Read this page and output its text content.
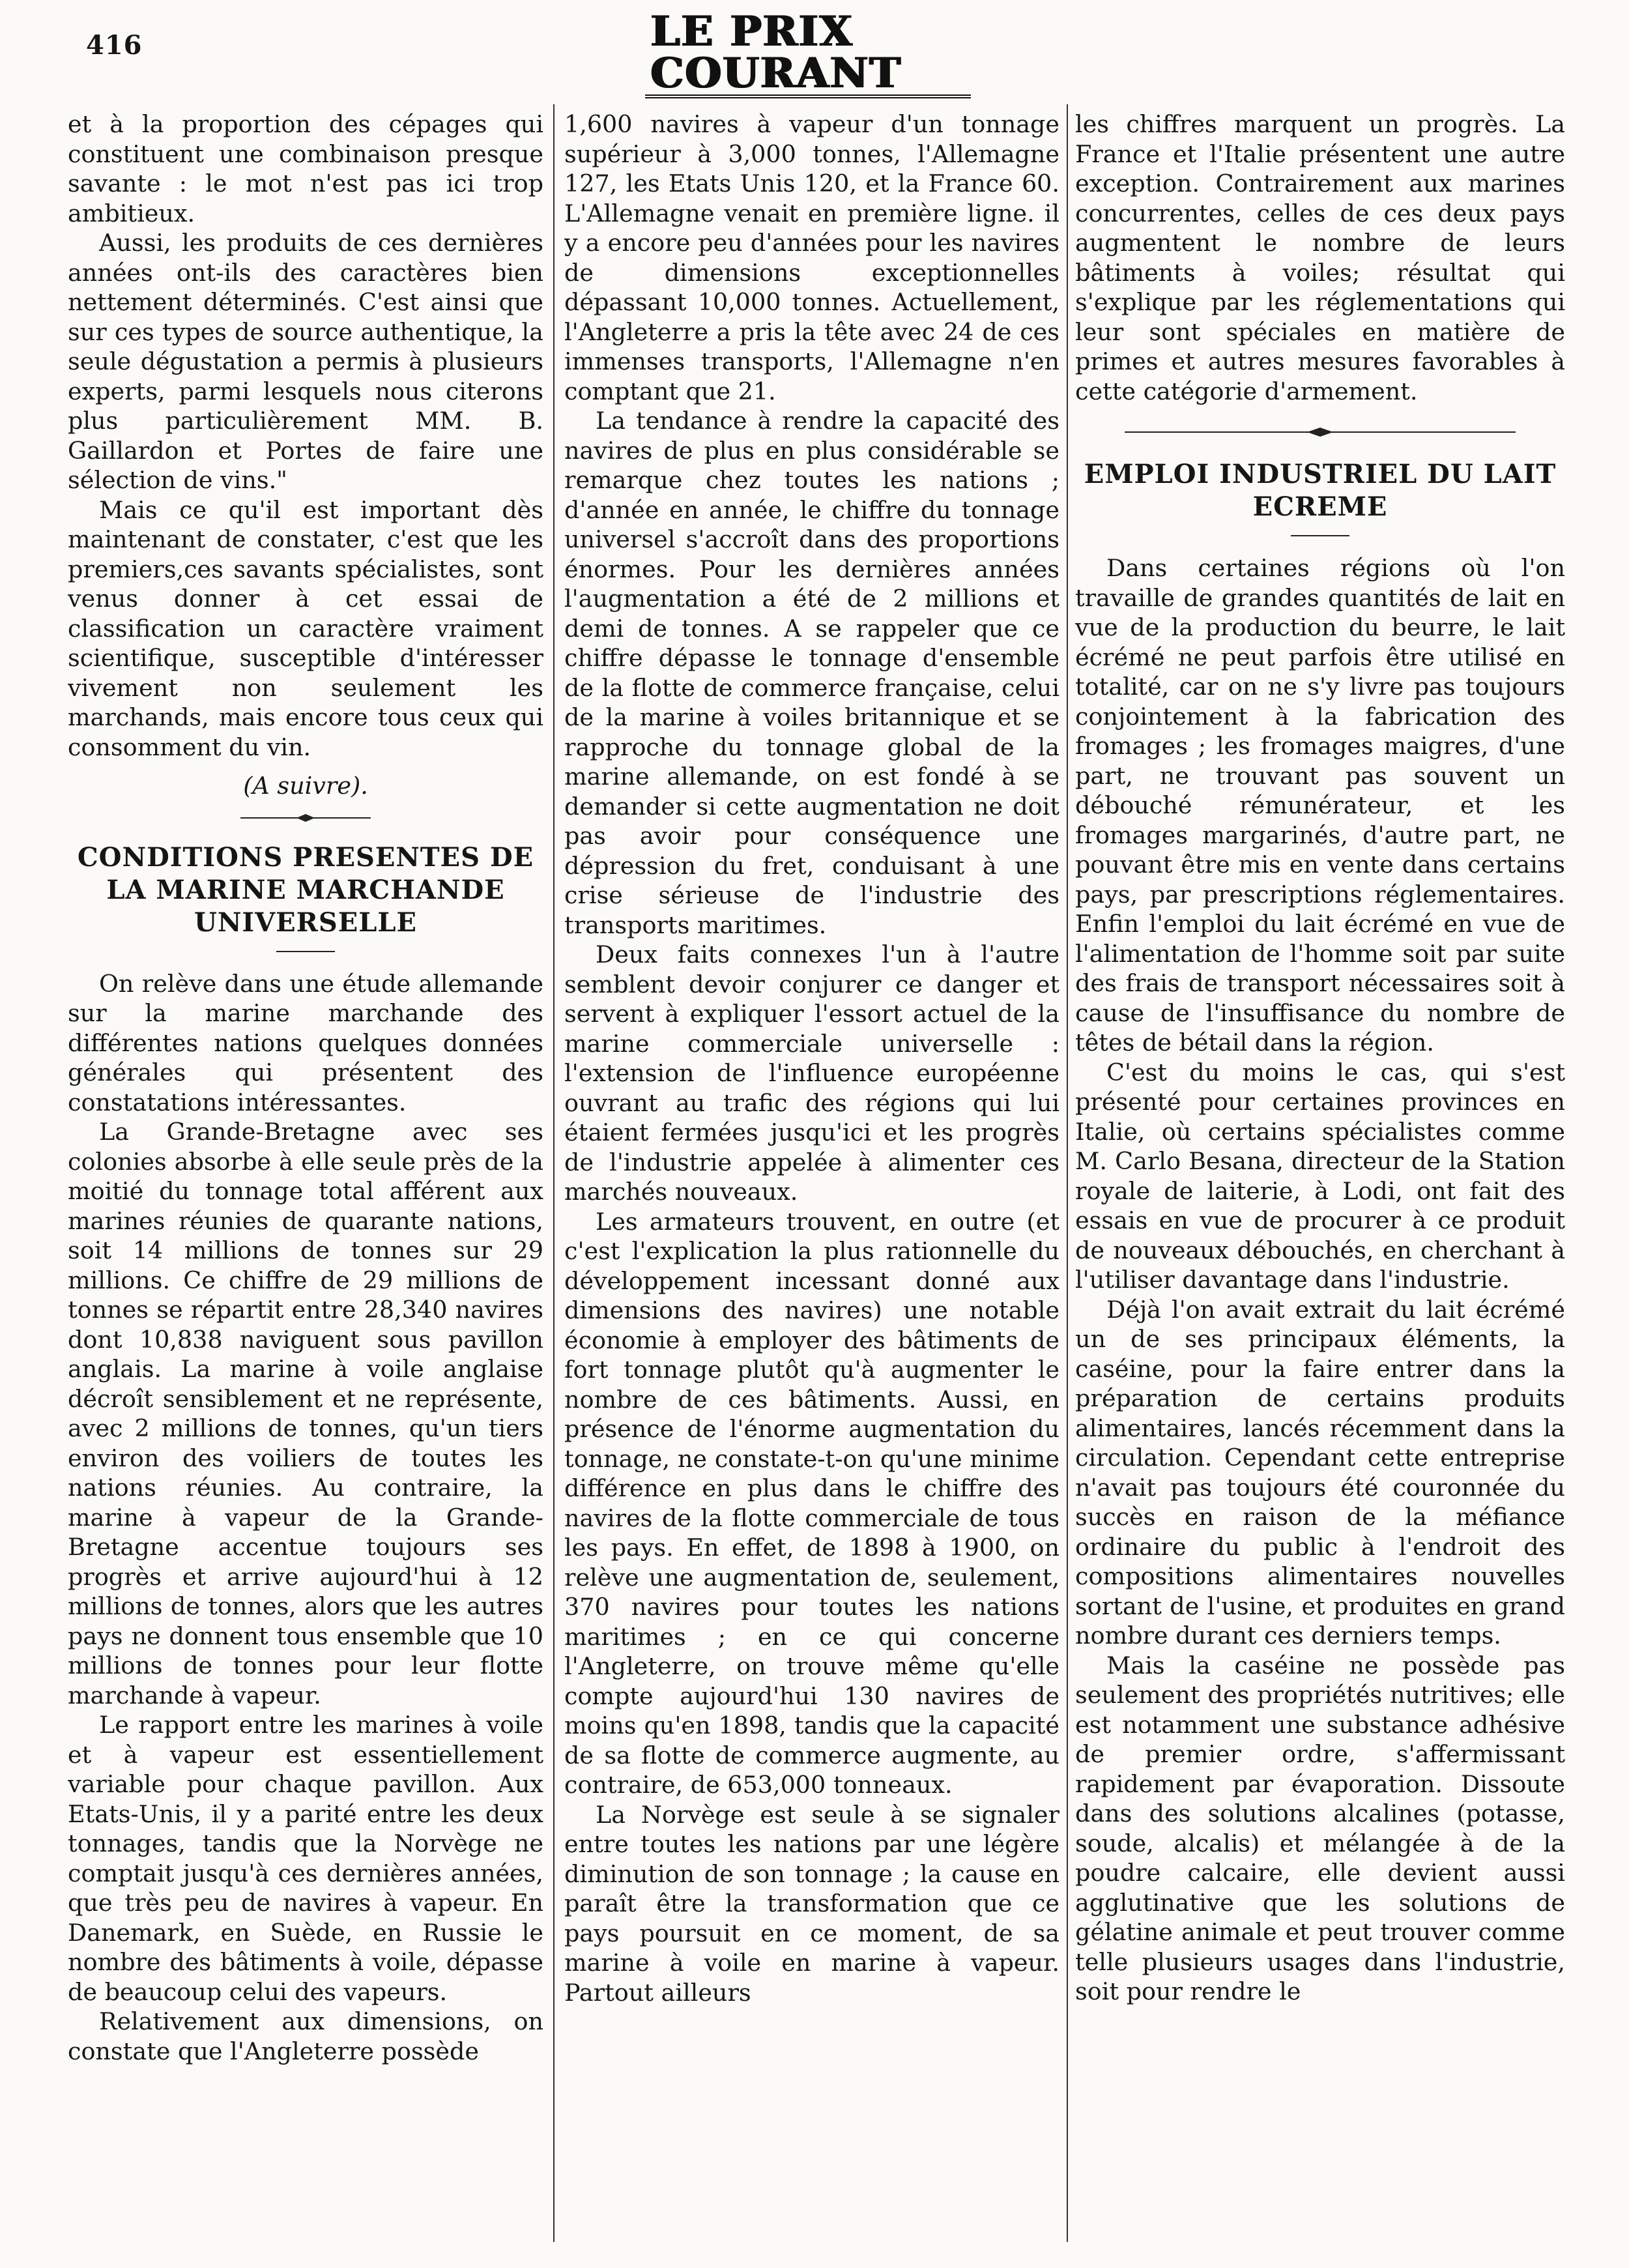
416	LE PRIX COURANT

et à la proportion des cépages qui constituent une combinaison presque savante : le mot n'est pas ici trop ambitieux.

Aussi, les produits de ces dernières années ont-ils des caractères bien nettement déterminés. C'est ainsi que sur ces types de source authentique, la seule dégustation a permis à plusieurs experts, parmi lesquels nous citerons plus particulièrement MM. B. Gaillardon et Portes de faire une sélection de vins."

Mais ce qu'il est important dès maintenant de constater, c'est que les premiers,ces savants spécialistes, sont venus donner à cet essai de classification un caractère vraiment scientifique, susceptible d'intéresser vivement non seulement les marchands, mais encore tous ceux qui consomment du vin.

(A suivre).

CONDITIONS PRESENTES DE LA MARINE MARCHANDE UNIVERSELLE

On relève dans une étude allemande sur la marine marchande des différentes nations quelques données générales qui présentent des constatations intéressantes.

La Grande-Bretagne avec ses colonies absorbe à elle seule près de la moitié du tonnage total afférent aux marines réunies de quarante nations, soit 14 millions de tonnes sur 29 millions. Ce chiffre de 29 millions de tonnes se répartit entre 28,340 navires dont 10,838 naviguent sous pavillon anglais. La marine à voile anglaise décroît sensiblement et ne représente, avec 2 millions de tonnes, qu'un tiers environ des voiliers de toutes les nations réunies. Au contraire, la marine à vapeur de la Grande-Bretagne accentue toujours ses progrès et arrive aujourd'hui à 12 millions de tonnes, alors que les autres pays ne donnent tous ensemble que 10 millions de tonnes pour leur flotte marchande à vapeur.

Le rapport entre les marines à voile et à vapeur est essentiellement variable pour chaque pavillon. Aux Etats-Unis, il y a parité entre les deux tonnages, tandis que la Norvège ne comptait jusqu'à ces dernières années, que très peu de navires à vapeur. En Danemark, en Suède, en Russie le nombre des bâtiments à voile, dépasse de beaucoup celui des vapeurs.

Relativement aux dimensions, on constate que l'Angleterre possède

1,600 navires à vapeur d'un tonnage supérieur à 3,000 tonnes, l'Allemagne 127, les Etats Unis 120, et la France 60. L'Allemagne venait en première ligne. il y a encore peu d'années pour les navires de dimensions exceptionnelles dépassant 10,000 tonnes. Actuellement, l'Angleterre a pris la tête avec 24 de ces immenses transports, l'Allemagne n'en comptant que 21.

La tendance à rendre la capacité des navires de plus en plus considérable se remarque chez toutes les nations ; d'année en année, le chiffre du tonnage universel s'accroît dans des proportions énormes. Pour les dernières années l'augmentation a été de 2 millions et demi de tonnes. A se rappeler que ce chiffre dépasse le tonnage d'ensemble de la flotte de commerce française, celui de la marine à voiles britannique et se rapproche du tonnage global de la marine allemande, on est fondé à se demander si cette augmentation ne doit pas avoir pour conséquence une dépression du fret, conduisant à une crise sérieuse de l'industrie des transports maritimes.

Deux faits connexes l'un à l'autre semblent devoir conjurer ce danger et servent à expliquer l'essort actuel de la marine commerciale universelle : l'extension de l'influence européenne ouvrant au trafic des régions qui lui étaient fermées jusqu'ici et les progrès de l'industrie appelée à alimenter ces marchés nouveaux.

Les armateurs trouvent, en outre (et c'est l'explication la plus rationnelle du développement incessant donné aux dimensions des navires) une notable économie à employer des bâtiments de fort tonnage plutôt qu'à augmenter le nombre de ces bâtiments. Aussi, en présence de l'énorme augmentation du tonnage, ne constate-t-on qu'une minime différence en plus dans le chiffre des navires de la flotte commerciale de tous les pays. En effet, de 1898 à 1900, on relève une augmentation de, seulement, 370 navires pour toutes les nations maritimes ; en ce qui concerne l'Angleterre, on trouve même qu'elle compte aujourd'hui 130 navires de moins qu'en 1898, tandis que la capacité de sa flotte de commerce augmente, au contraire, de 653,000 tonneaux.

La Norvège est seule à se signaler entre toutes les nations par une légère diminution de son tonnage ; la cause en paraît être la transformation que ce pays poursuit en ce moment, de sa marine à voile en marine à vapeur. Partout ailleurs

les chiffres marquent un progrès. La France et l'Italie présentent une autre exception. Contrairement aux marines concurrentes, celles de ces deux pays augmentent le nombre de leurs bâtiments à voiles; résultat qui s'explique par les réglementations qui leur sont spéciales en matière de primes et autres mesures favorables à cette catégorie d'armement.

EMPLOI INDUSTRIEL DU LAIT ECREME

Dans certaines régions où l'on travaille de grandes quantités de lait en vue de la production du beurre, le lait écrémé ne peut parfois être utilisé en totalité, car on ne s'y livre pas toujours conjointement à la fabrication des fromages ; les fromages maigres, d'une part, ne trouvant pas souvent un débouché rémunérateur, et les fromages margarinés, d'autre part, ne pouvant être mis en vente dans certains pays, par prescriptions réglementaires. Enfin l'emploi du lait écrémé en vue de l'alimentation de l'homme soit par suite des frais de transport nécessaires soit à cause de l'insuffisance du nombre de têtes de bétail dans la région.

C'est du moins le cas, qui s'est présenté pour certaines provinces en Italie, où certains spécialistes comme M. Carlo Besana, directeur de la Station royale de laiterie, à Lodi, ont fait des essais en vue de procurer à ce produit de nouveaux débouchés, en cherchant à l'utiliser davantage dans l'industrie.

Déjà l'on avait extrait du lait écrémé un de ses principaux éléments, la caséine, pour la faire entrer dans la préparation de certains produits alimentaires, lancés récemment dans la circulation. Cependant cette entreprise n'avait pas toujours été couronnée du succès en raison de la méfiance ordinaire du public à l'endroit des compositions alimentaires nouvelles sortant de l'usine, et produites en grand nombre durant ces derniers temps.

Mais la caséine ne possède pas seulement des propriétés nutritives; elle est notamment une substance adhésive de premier ordre, s'affermissant rapidement par évaporation. Dissoute dans des solutions alcalines (potasse, soude, alcalis) et mélangée à de la poudre calcaire, elle devient aussi agglutinative que les solutions de gélatine animale et peut trouver comme telle plusieurs usages dans l'industrie, soit pour rendre le
